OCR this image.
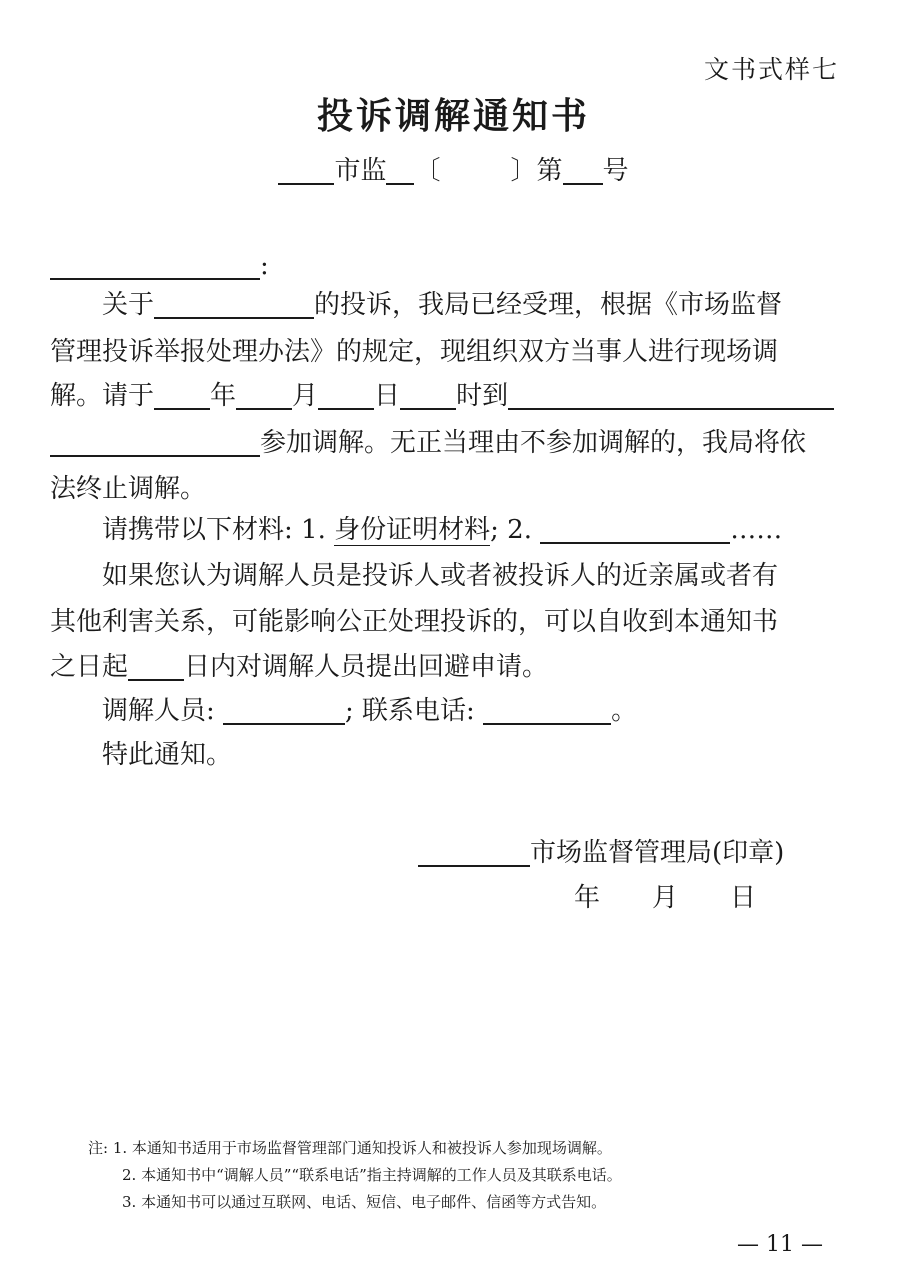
文书式样七
投诉调解通知书
市监 〔	〕第 号
:
关于	的投诉，我局已经受理，根据《市场监督
管理投诉举报处理办法》的规定，现组织双方当事人进行现场调
解。请于 年 月 日 时到
参加调解。无正当理由不参加调解的，我局将依
法终止调解。
请携带以下材料: 1. 身份证明材料; 2.	……
如果您认为调解人员是投诉人或者被投诉人的近亲属或者有
其他利害关系，可能影响公正处理投诉的，可以自收到本通知书
之日起 日内对调解人员提出回避申请。
调解人员:	; 联系电话:	。
特此通知。
市场监督管理局(印章)
年 月 日
注: 1. 本通知书适用于市场监督管理部门通知投诉人和被投诉人参加现场调解。
2. 本通知书中“调解人员”“联系电话”指主持调解的工作人员及其联系电话。
3. 本通知书可以通过互联网、电话、短信、电子邮件、信函等方式告知。
— 11 —
